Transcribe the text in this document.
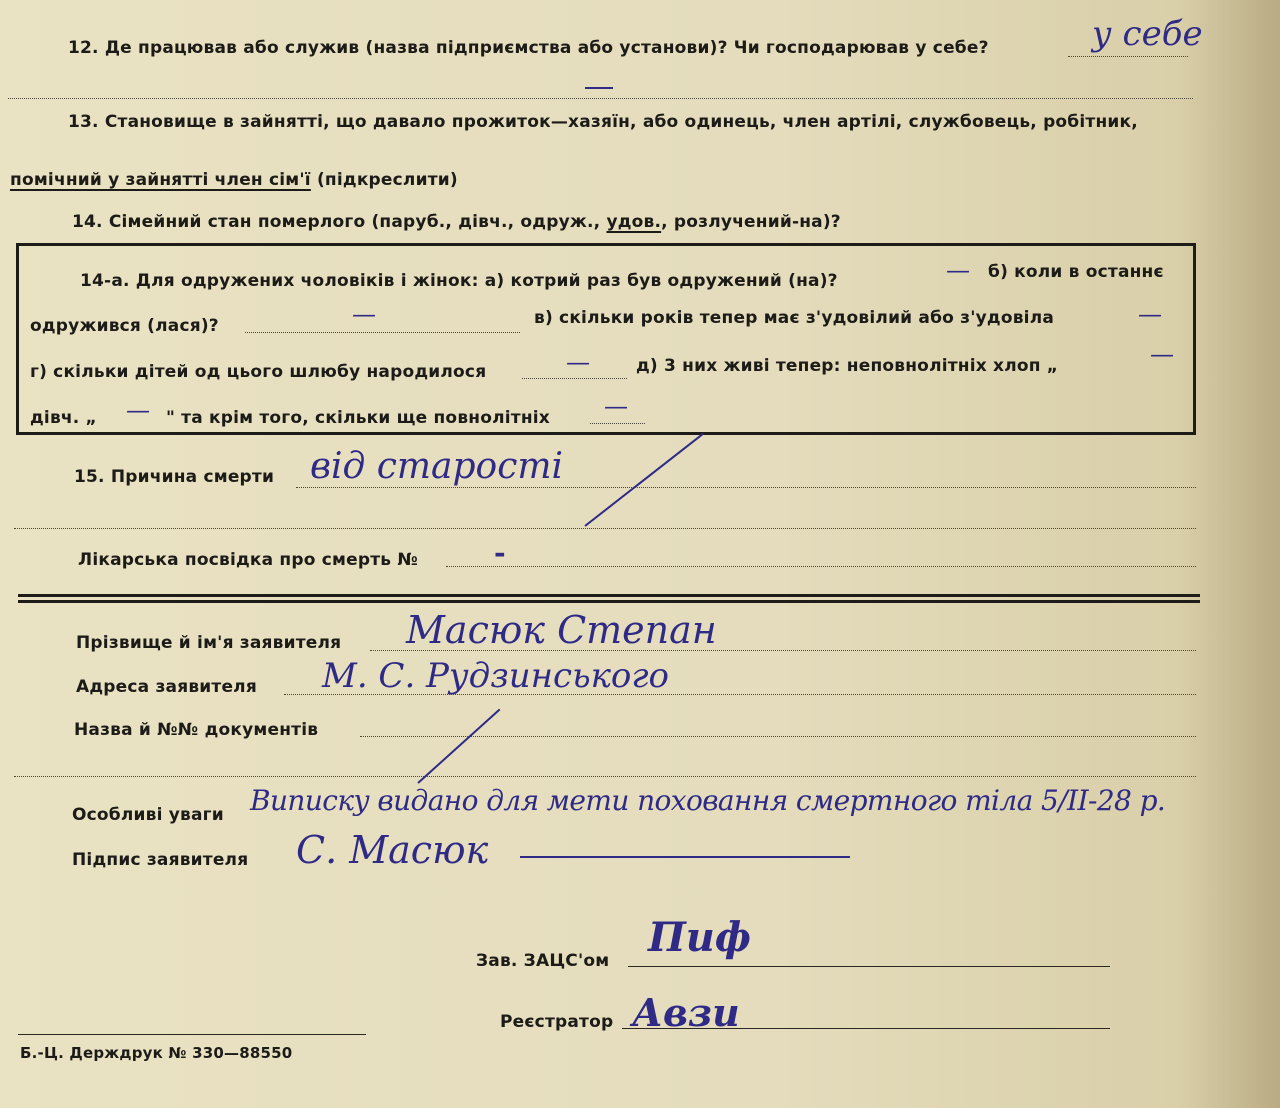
12. Де працював або служив (назва підприємства або установи)? Чи господарював у себе?	у себе
13. Становище в зайнятті, що давало прожиток—хазяїн, або одинець, член артілі, службовець, робітник,
помічний у зайнятті член сім'ї (підкреслити)
14. Сімейний стан померлого (паруб., дівч., одруж., удов., розлучений-на)?
14-а. Для одружених чоловіків і жінок: а) котрий раз був одружений (на)?	— б) коли в останнє
одружився (лася)?	—	в) скільки років тепер має з'удовілий або з'удовіла	—
г) скільки дітей од цього шлюбу народилося	—	д) 3 них живі тепер: неповнолітніх хлоп „	—
дівч. „ — " та крім того, скільки ще повнолітніх —
15. Причина смерти від старості
Лікарська посвідка про смерть №	-
Прізвище й ім'я заявителя Масюк Степан
Адреса заявителя М. С. Рудзинського
Назва й №№ документів
Особливі уваги Виписку видано для мети поховання смертного тіла 5/II-28 р.
Підпис заявителя С. Масюк
Зав. ЗАЦС'ом Пиф
Реєстратор Авзи
Б.-Ц. Держдрук № 330—88550
